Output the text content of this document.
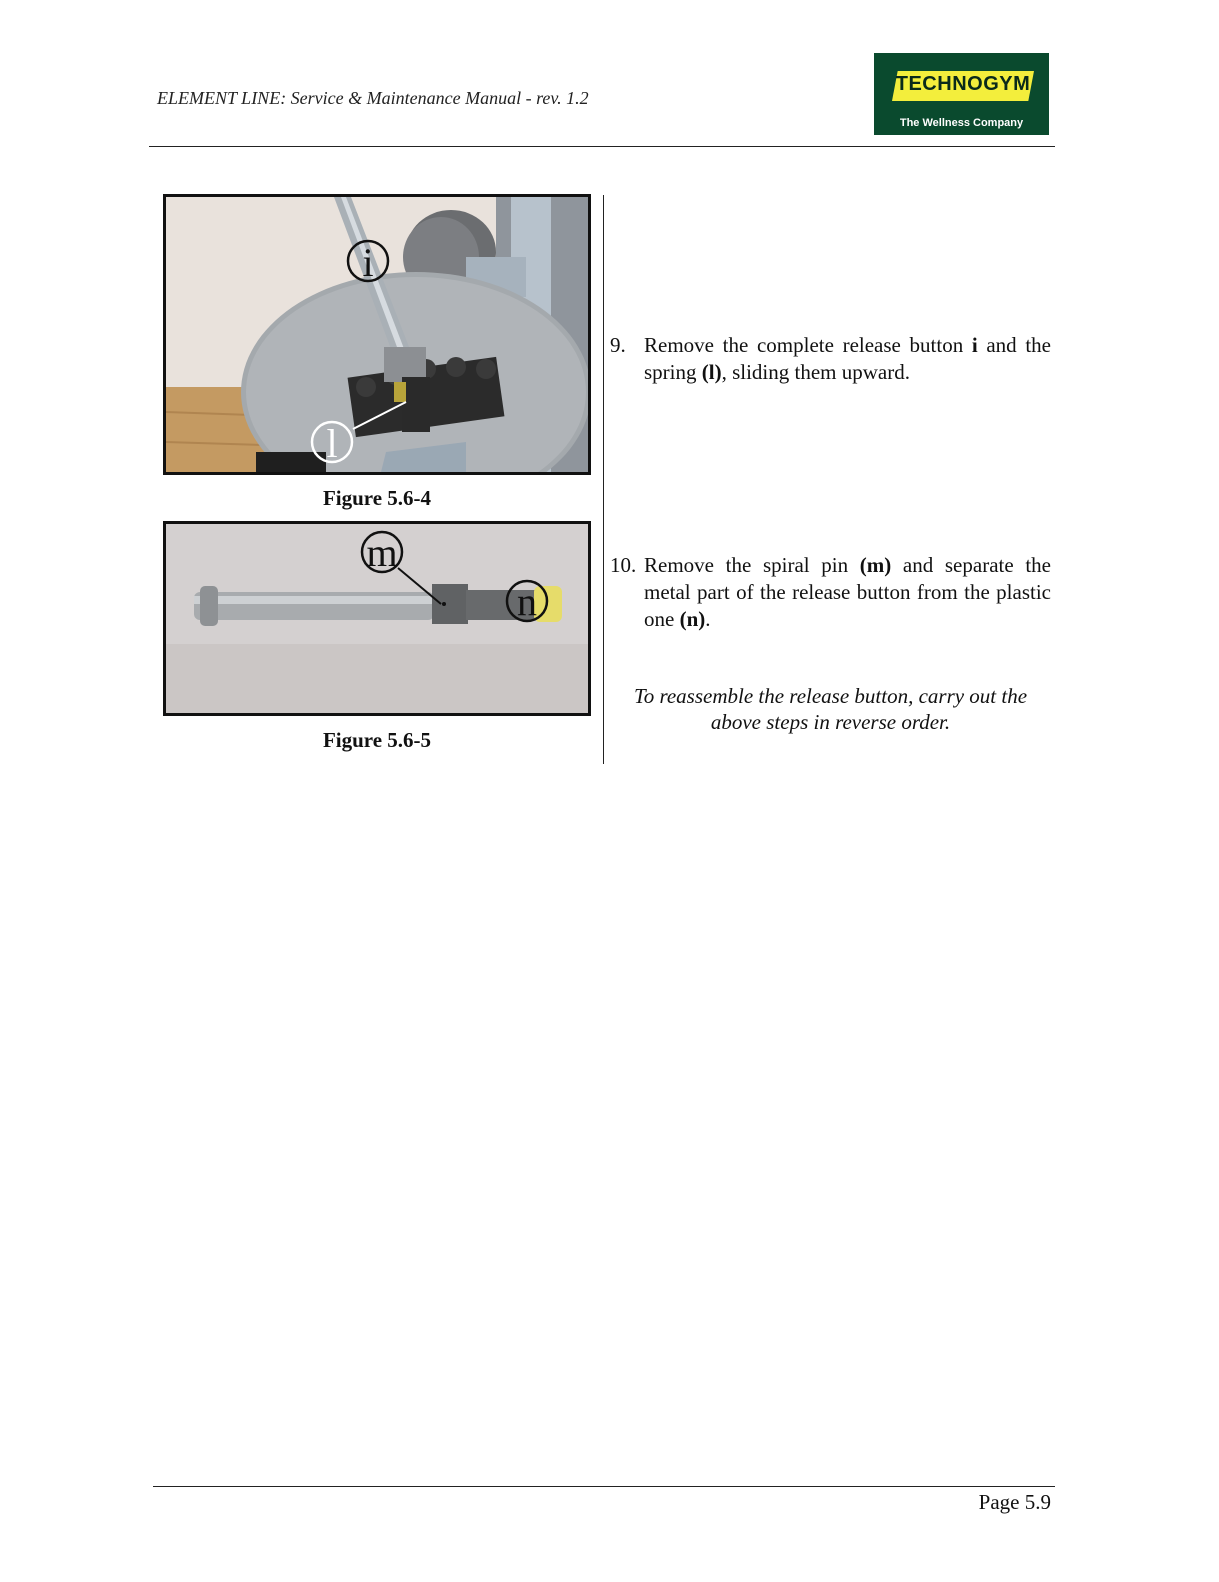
ELEMENT LINE: Service & Maintenance Manual - rev. 1.2
TECHNOGYM
The Wellness Company
i
l
Figure 5.6-4
m
n
Figure 5.6-5
9. Remove the complete release button i and the spring (l), sliding them upward.
10. Remove the spiral pin (m) and separate the metal part of the release button from the plastic one (n).
To reassemble the release button, carry out the above steps in reverse order.
Page 5.9
